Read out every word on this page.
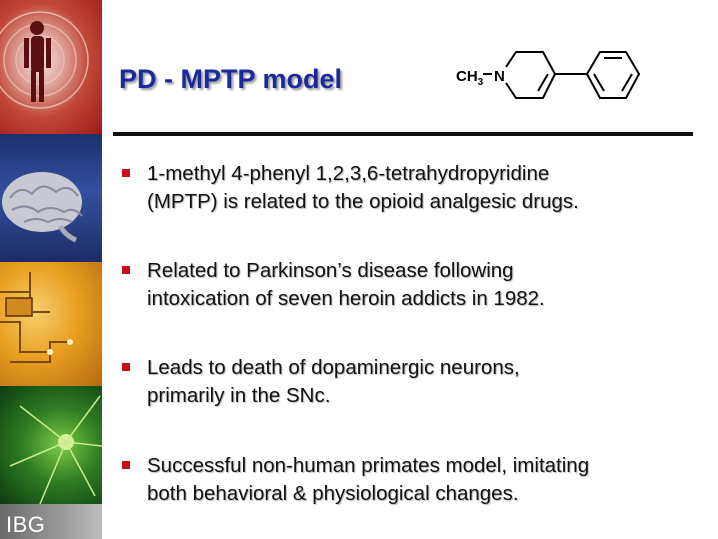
IBG
PD - MPTP model	$CH_3$ N
1-methyl 4-phenyl 1,2,3,6-tetrahydropyridine
(MPTP) is related to the opioid analgesic drugs.
Related to Parkinson’s disease following
intoxication of seven heroin addicts in 1982.
Leads to death of dopaminergic neurons,
primarily in the SNc.
Successful non-human primates model, imitating
both behavioral & physiological changes.
